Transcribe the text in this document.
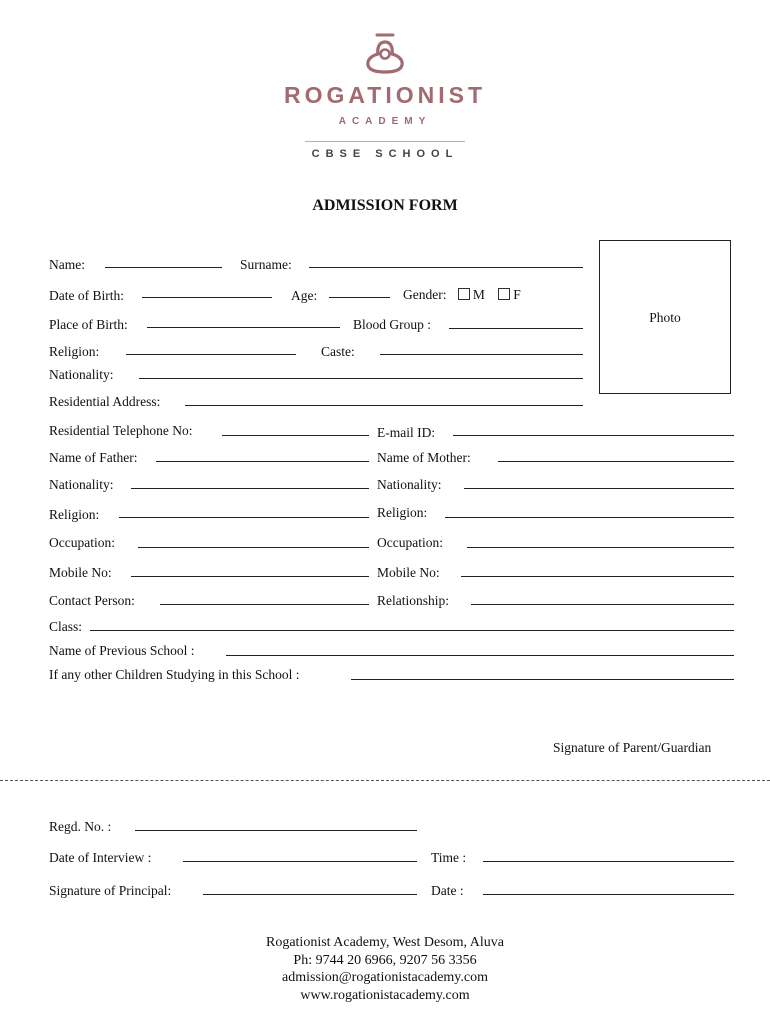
ROGATIONIST
ACADEMY
CBSE SCHOOL
ADMISSION FORM
Photo
Name:	Surname:
Date of Birth:	Age:	Gender: M F
Place of Birth:	Blood Group :
Religion:	Caste:
Nationality:
Residential Address:
Residential Telephone No:	E-mail ID:
Name of Father:	Name of Mother:
Nationality:	Nationality:
Religion:	Religion:
Occupation:	Occupation:
Mobile No:	Mobile No:
Contact Person:	Relationship:
Class:
Name of Previous School :
If any other Children Studying in this School :
Signature of Parent/Guardian
Regd. No. :
Date of Interview :	Time :
Signature of Principal:	Date :
Rogationist Academy, West Desom, Aluva
Ph: 9744 20 6966, 9207 56 3356
admission@rogationistacademy.com
www.rogationistacademy.com
